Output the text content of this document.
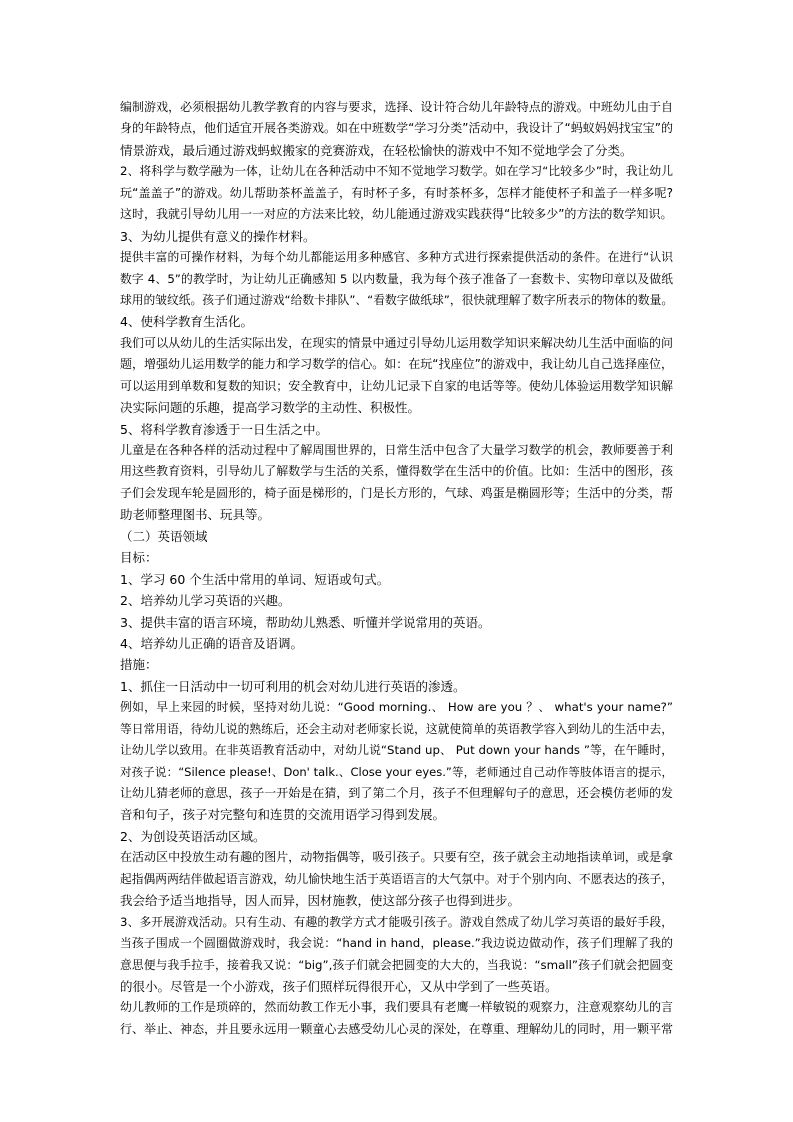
编制游戏，必须根据幼儿教学教育的内容与要求，选择、设计符合幼儿年龄特点的游戏。中班幼儿由于自
身的年龄特点，他们适宜开展各类游戏。如在中班数学“学习分类”活动中，我设计了“蚂蚁妈妈找宝宝”的
情景游戏，最后通过游戏蚂蚁搬家的竞赛游戏，在轻松愉快的游戏中不知不觉地学会了分类。
2、将科学与数学融为一体，让幼儿在各种活动中不知不觉地学习数学。如在学习“比较多少”时，我让幼儿
玩“盖盖子”的游戏。幼儿帮助茶杯盖盖子，有时杯子多，有时茶杯多，怎样才能使杯子和盖子一样多呢?
这时，我就引导幼儿用一一对应的方法来比较，幼儿能通过游戏实践获得“比较多少”的方法的数学知识。
3、为幼儿提供有意义的操作材料。
提供丰富的可操作材料，为每个幼儿都能运用多种感官、多种方式进行探索提供活动的条件。在进行“认识
数字 4、5”的教学时，为让幼儿正确感知 5 以内数量，我为每个孩子准备了一套数卡、实物印章以及做纸
球用的皱纹纸。孩子们通过游戏“给数卡排队”、“看数字做纸球”，很快就理解了数字所表示的物体的数量。
4、使科学教育生活化。
我们可以从幼儿的生活实际出发，在现实的情景中通过引导幼儿运用数学知识来解决幼儿生活中面临的问
题，增强幼儿运用数学的能力和学习数学的信心。如：在玩“找座位”的游戏中，我让幼儿自己选择座位，
可以运用到单数和复数的知识；安全教育中，让幼儿记录下自家的电话等等。使幼儿体验运用数学知识解
决实际问题的乐趣，提高学习数学的主动性、积极性。
5、将科学教育渗透于一日生活之中。
儿童是在各种各样的活动过程中了解周围世界的，日常生活中包含了大量学习数学的机会，教师要善于利
用这些教育资料，引导幼儿了解数学与生活的关系，懂得数学在生活中的价值。比如：生活中的图形，孩
子们会发现车轮是圆形的，椅子面是梯形的，门是长方形的，气球、鸡蛋是椭圆形等；生活中的分类，帮
助老师整理图书、玩具等。
（二）英语领域
目标：
1、学习 60 个生活中常用的单词、短语或句式。
2、培养幼儿学习英语的兴趣。
3、提供丰富的语言环境，帮助幼儿熟悉、听懂并学说常用的英语。
4、培养幼儿正确的语音及语调。
措施：
1、抓住一日活动中一切可利用的机会对幼儿进行英语的渗透。
例如，早上来园的时候，坚持对幼儿说：“Good morning.、 How are you ？、 what's your name?”
等日常用语，待幼儿说的熟练后，还会主动对老师家长说，这就使简单的英语教学容入到幼儿的生活中去，
让幼儿学以致用。在非英语教育活动中，对幼儿说“Stand up、 Put down your hands ”等，在午睡时，
对孩子说：“Silence please!、Don' talk.、Close your eyes.”等，老师通过自己动作等肢体语言的提示，
让幼儿猜老师的意思，孩子一开始是在猜，到了第二个月，孩子不但理解句子的意思，还会模仿老师的发
音和句子，孩子对完整句和连贯的交流用语学习得到发展。
2、为创设英语活动区域。
在活动区中投放生动有趣的图片，动物指偶等，吸引孩子。只要有空，孩子就会主动地指读单词，或是拿
起指偶两两结伴做起语言游戏，幼儿愉快地生活于英语语言的大气氛中。对于个别内向、不愿表达的孩子，
我会给予适当地指导，因人而异，因材施教，使这部分孩子也得到进步。
3、多开展游戏活动。只有生动、有趣的教学方式才能吸引孩子。游戏自然成了幼儿学习英语的最好手段，
当孩子围成一个圆圈做游戏时，我会说：“hand in hand，please.”我边说边做动作，孩子们理解了我的
意思便与我手拉手，接着我又说：“big”,孩子们就会把圆变的大大的，当我说：“small”孩子们就会把圆变
的很小。尽管是一个小游戏，孩子们照样玩得很开心，又从中学到了一些英语。
幼儿教师的工作是琐碎的，然而幼教工作无小事，我们要具有老鹰一样敏锐的观察力，注意观察幼儿的言
行、举止、神态，并且要永远用一颗童心去感受幼儿心灵的深处，在尊重、理解幼儿的同时，用一颗平常
